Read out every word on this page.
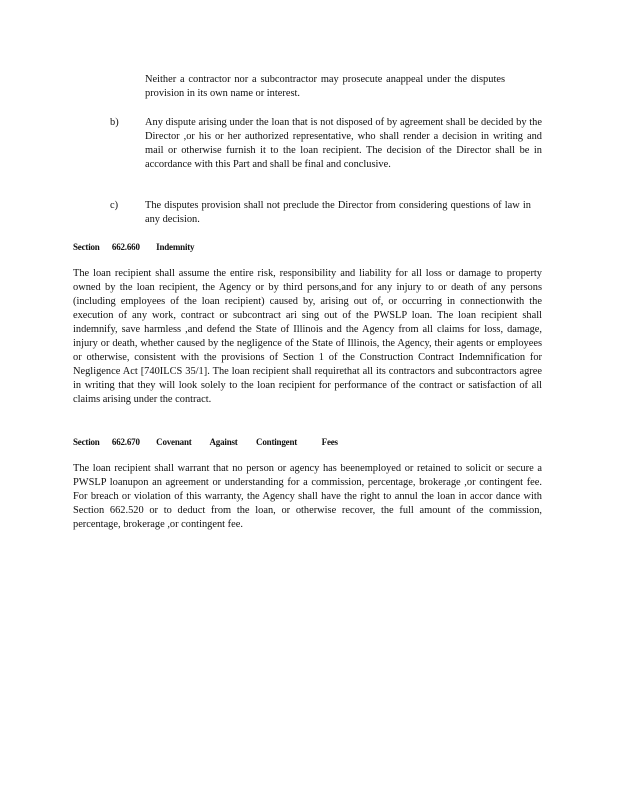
Neither a contractor nor a subcontractor may prosecute anappeal under the disputes provision in its own name or interest.

b)	Any dispute arising under the loan that is not disposed of by agreement shall be decided by the Director ,or his or her authorized representative, who shall render a decision in writing and mail or otherwise furnish it to the loan recipient. The decision of the Director shall be in accordance with this Part and shall be final and conclusive.

c)	The disputes provision shall not preclude the Director from considering questions of law in any decision.

Section      662.660        Indemnity

The loan recipient shall assume the entire risk, responsibility and liability for all loss or damage to property owned by the loan recipient, the Agency or by third persons,and for any injury to or death of any persons (including employees of the loan recipient) caused by, arising out of, or occurring in connectionwith the execution of any work, contract or subcontract ari sing out of the PWSLP loan. The loan recipient shall indemnify, save harmless ,and defend the State of Illinois and the Agency from all claims for loss, damage, injury or death, whether caused by the negligence of the State of Illinois, the Agency, their agents or employees or otherwise, consistent with the provisions of Section 1 of the Construction Contract Indemnification for Negligence Act [740ILCS 35/1]. The loan recipient shall requirethat all its contractors and subcontractors agree in writing that they will look solely to the loan recipient for performance of the contract or satisfaction of all claims arising under the contract.

Section      662.670        Covenant         Against         Contingent            Fees

The loan recipient shall warrant that no person or agency has beenemployed or retained to solicit or secure a PWSLP loanupon an agreement or understanding for a commission, percentage, brokerage ,or contingent fee. For breach or violation of this warranty, the Agency shall have the right to annul the loan in accor dance with Section 662.520 or to deduct from the loan, or otherwise recover, the full amount of the commission, percentage, brokerage ,or contingent fee.
